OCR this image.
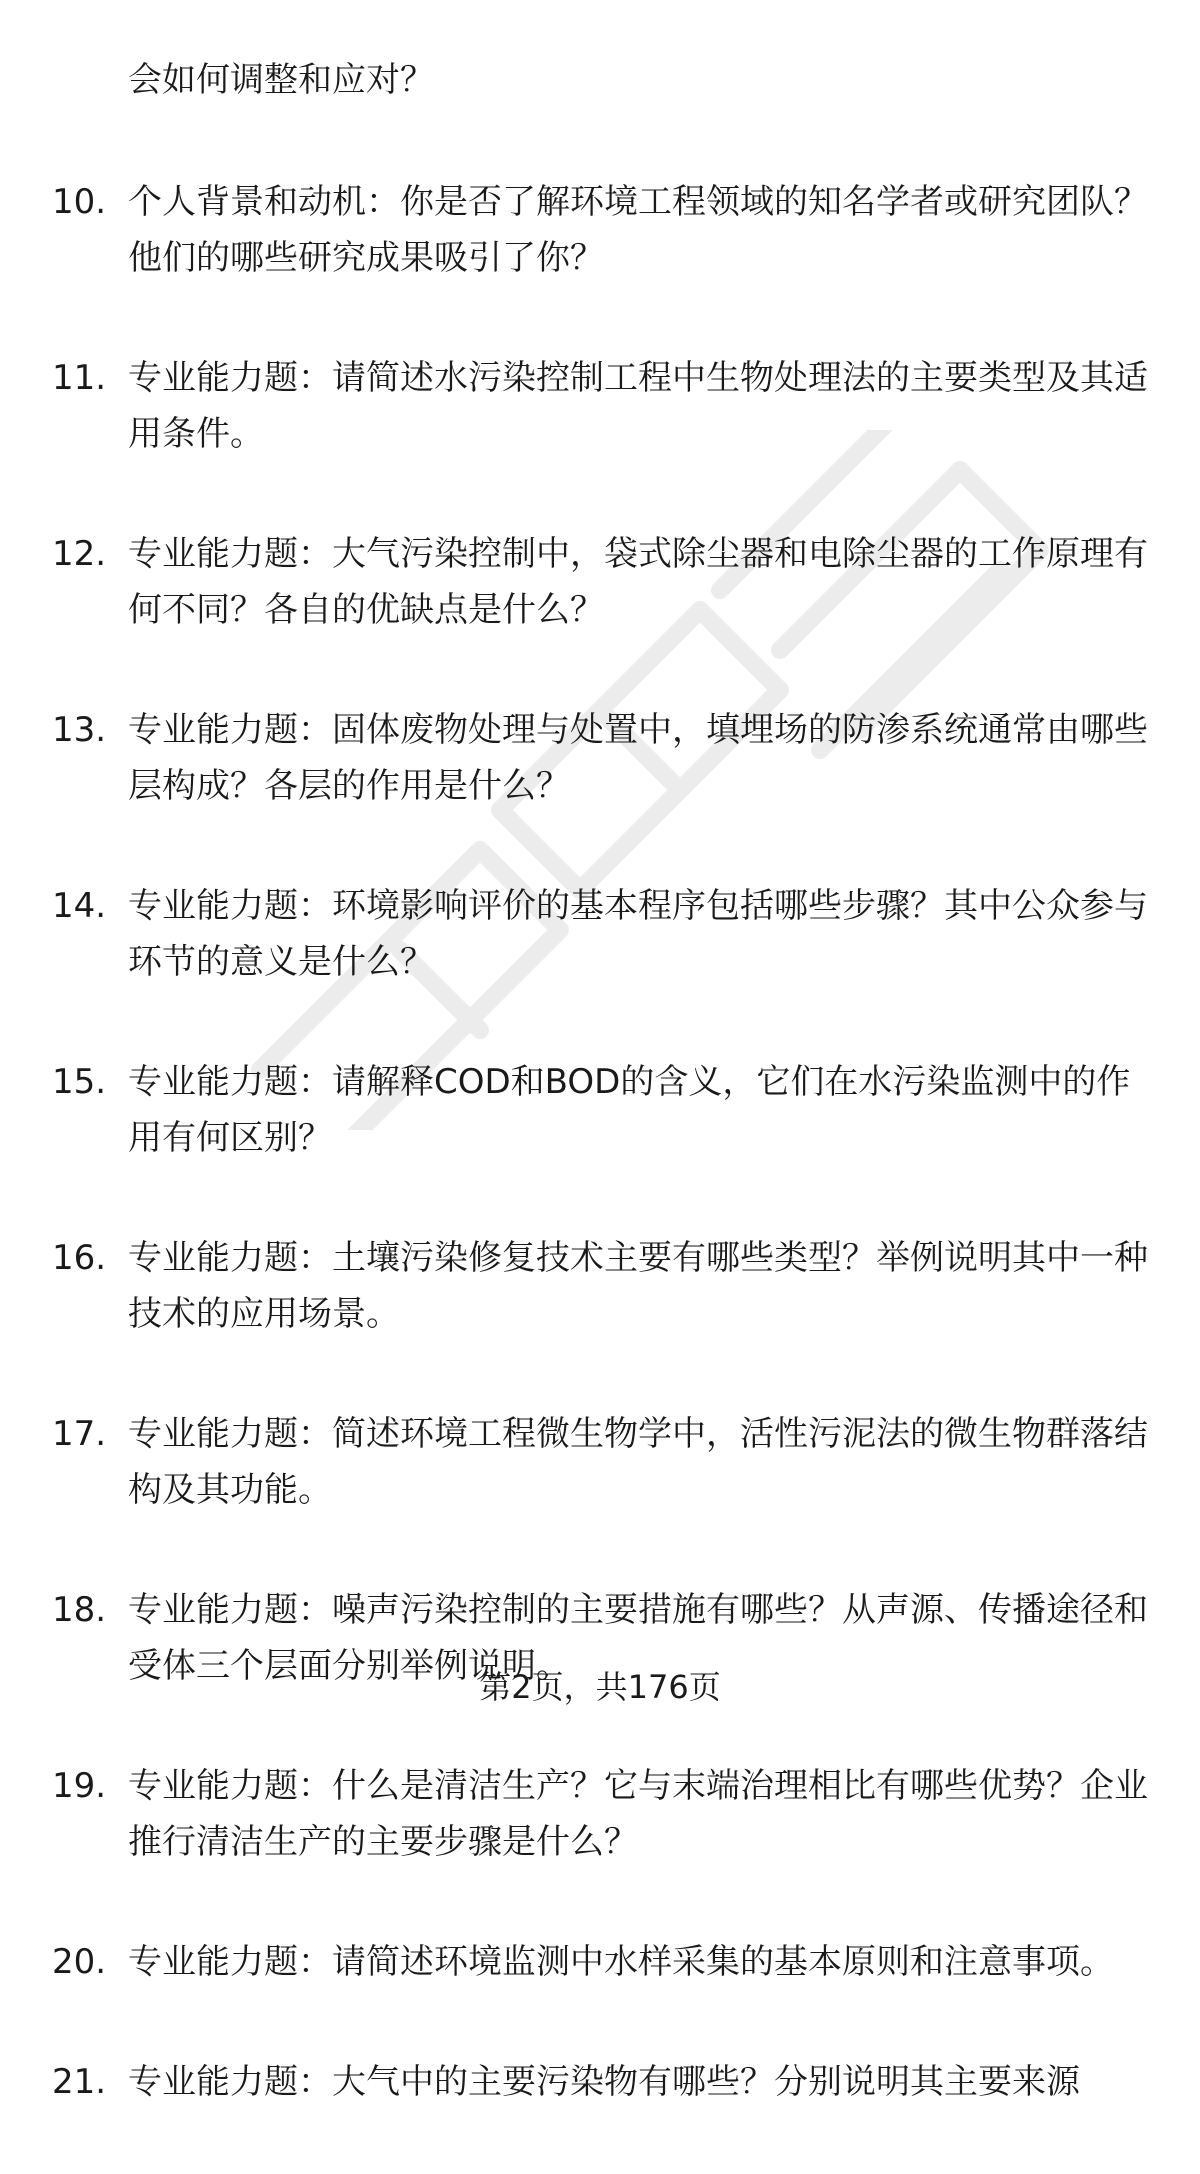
会如何调整和应对？
10. 个人背景和动机：你是否了解环境工程领域的知名学者或研究团队？他们的哪些研究成果吸引了你？
11. 专业能力题：请简述水污染控制工程中生物处理法的主要类型及其适用条件。
12. 专业能力题：大气污染控制中，袋式除尘器和电除尘器的工作原理有何不同？各自的优缺点是什么？
13. 专业能力题：固体废物处理与处置中，填埋场的防渗系统通常由哪些层构成？各层的作用是什么？
14. 专业能力题：环境影响评价的基本程序包括哪些步骤？其中公众参与环节的意义是什么？
15. 专业能力题：请解释COD和BOD的含义，它们在水污染监测中的作用有何区别？
16. 专业能力题：土壤污染修复技术主要有哪些类型？举例说明其中一种技术的应用场景。
17. 专业能力题：简述环境工程微生物学中，活性污泥法的微生物群落结构及其功能。
18. 专业能力题：噪声污染控制的主要措施有哪些？从声源、传播途径和受体三个层面分别举例说明。
19. 专业能力题：什么是清洁生产？它与末端治理相比有哪些优势？企业推行清洁生产的主要步骤是什么？
20. 专业能力题：请简述环境监测中水样采集的基本原则和注意事项。
21. 专业能力题：大气中的主要污染物有哪些？分别说明其主要来源
第2页，共176页
